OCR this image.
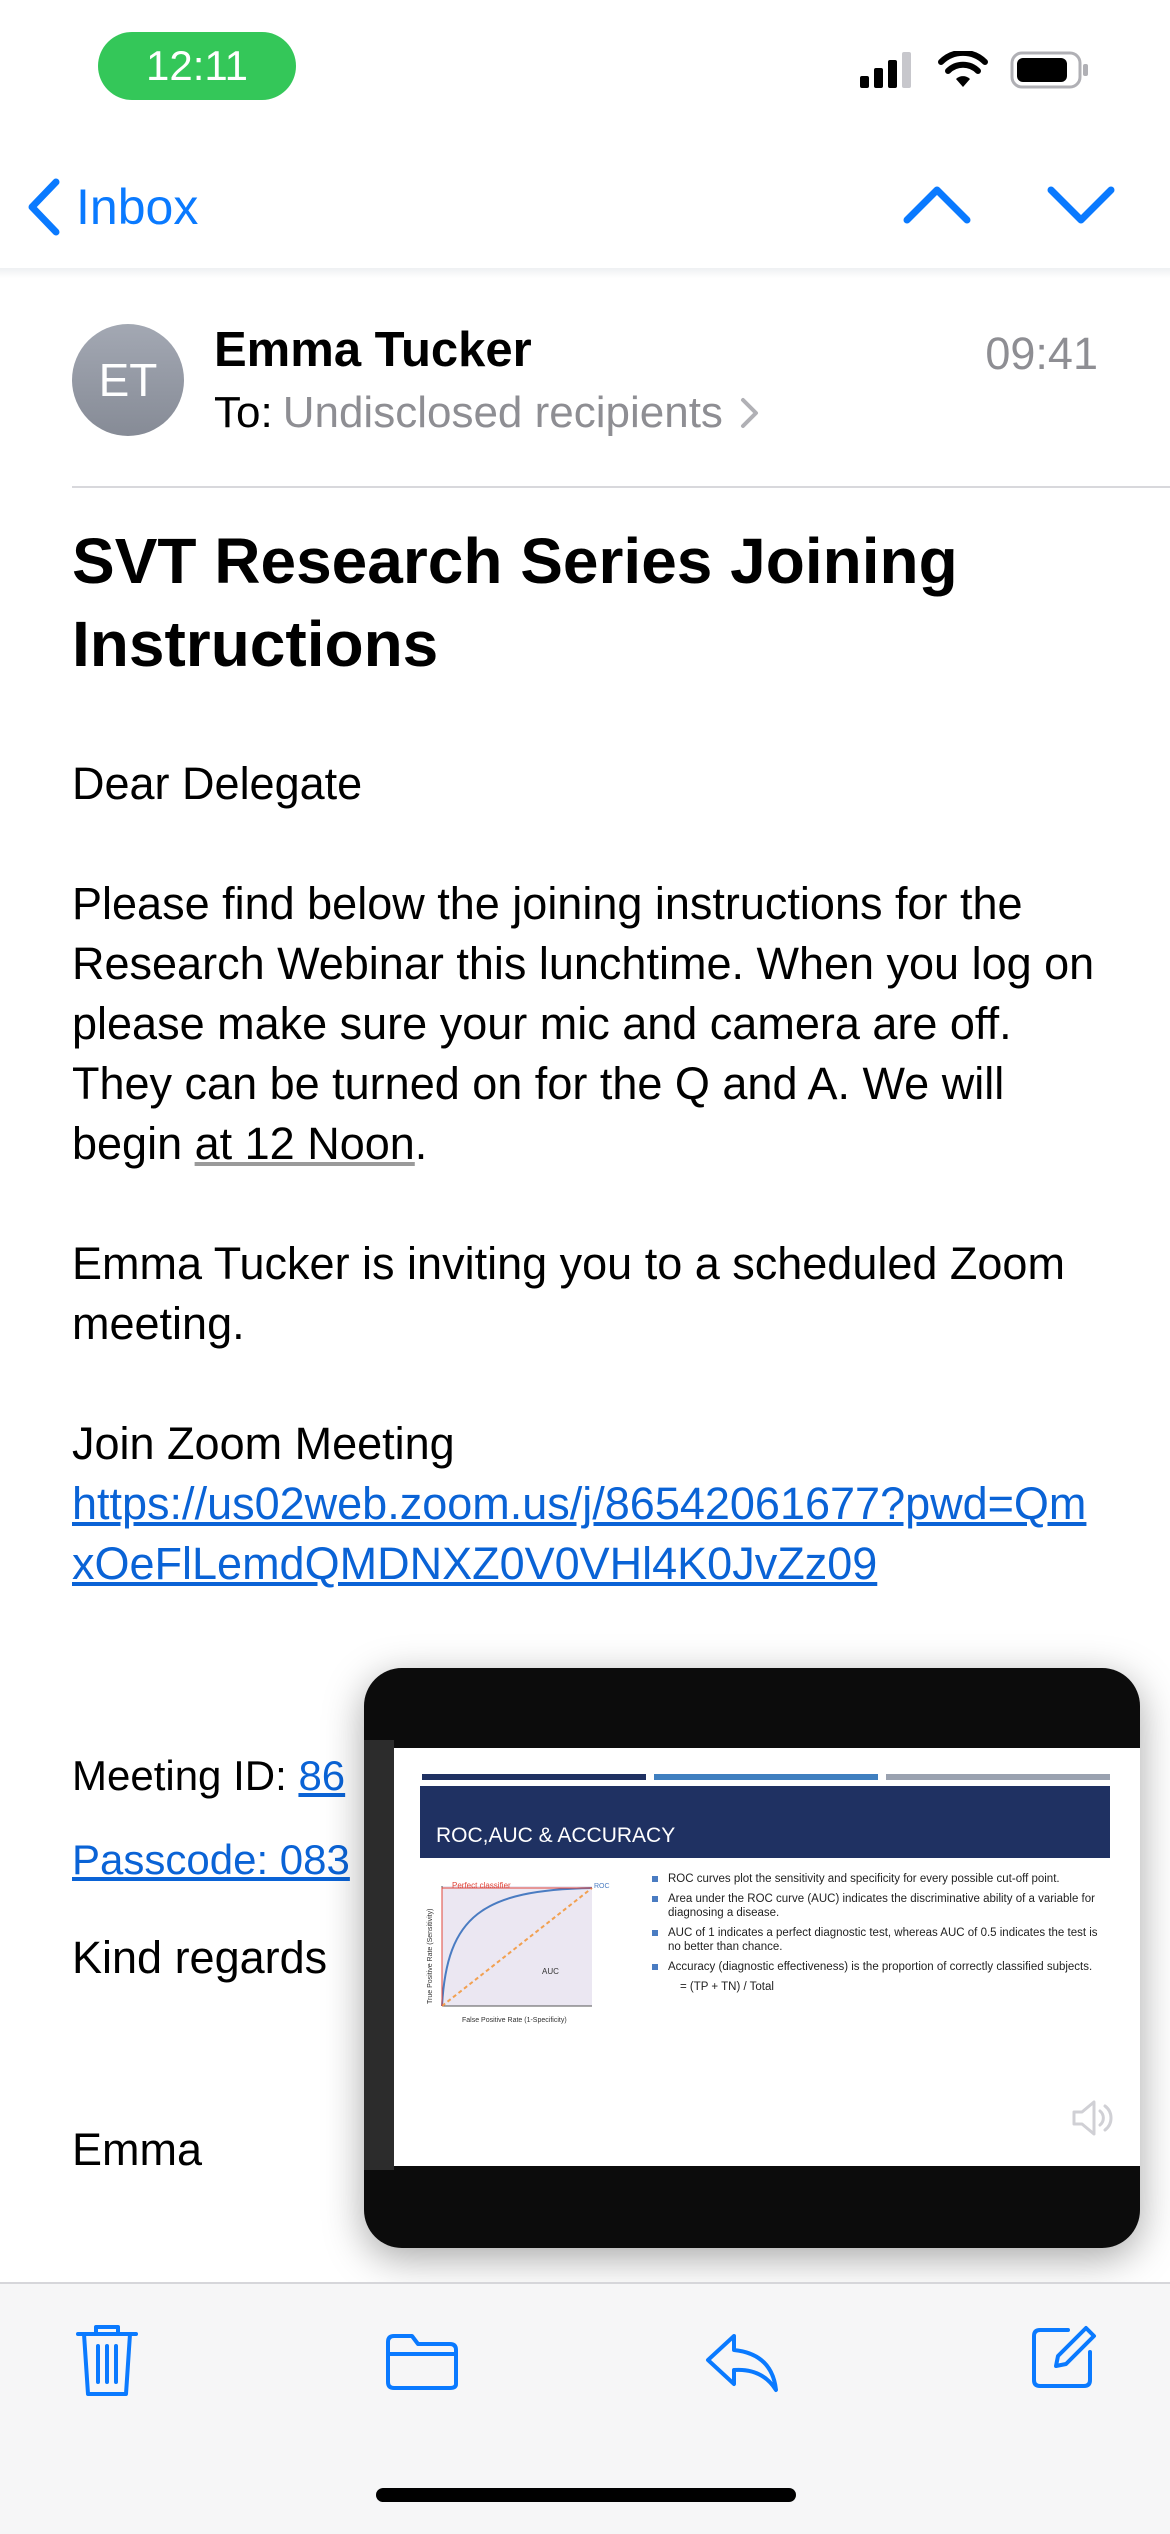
12:11
Inbox
ET
Emma Tucker
To: Undisclosed recipients
09:41
SVT Research Series Joining Instructions

Dear Delegate

Please find below the joining instructions for the Research Webinar this lunchtime. When you log on please make sure your mic and camera are off. They can be turned on for the Q and A. We will begin at 12 Noon.

Emma Tucker is inviting you to a scheduled Zoom meeting.

Join Zoom Meeting
https://us02web.zoom.us/j/86542061677?pwd=QmxOeFlLemdQMDNXZ0V0VHl4K0JvZz09
Meeting ID: 86
Passcode: 083
Kind regards
Emma
ROC,AUC & ACCURACY
Perfect classifier	ROC
AUC
False Positive Rate (1-Specificity)
True Positive Rate (Sensitivity)
ROC curves plot the sensitivity and specificity for every possible cut-off point.
Area under the ROC curve (AUC) indicates the discriminative ability of a variable for diagnosing a disease.
AUC of 1 indicates a perfect diagnostic test, whereas AUC of 0.5 indicates the test is no better than chance.
Accuracy (diagnostic effectiveness) is the proportion of correctly classified subjects.
= (TP + TN) / Total
